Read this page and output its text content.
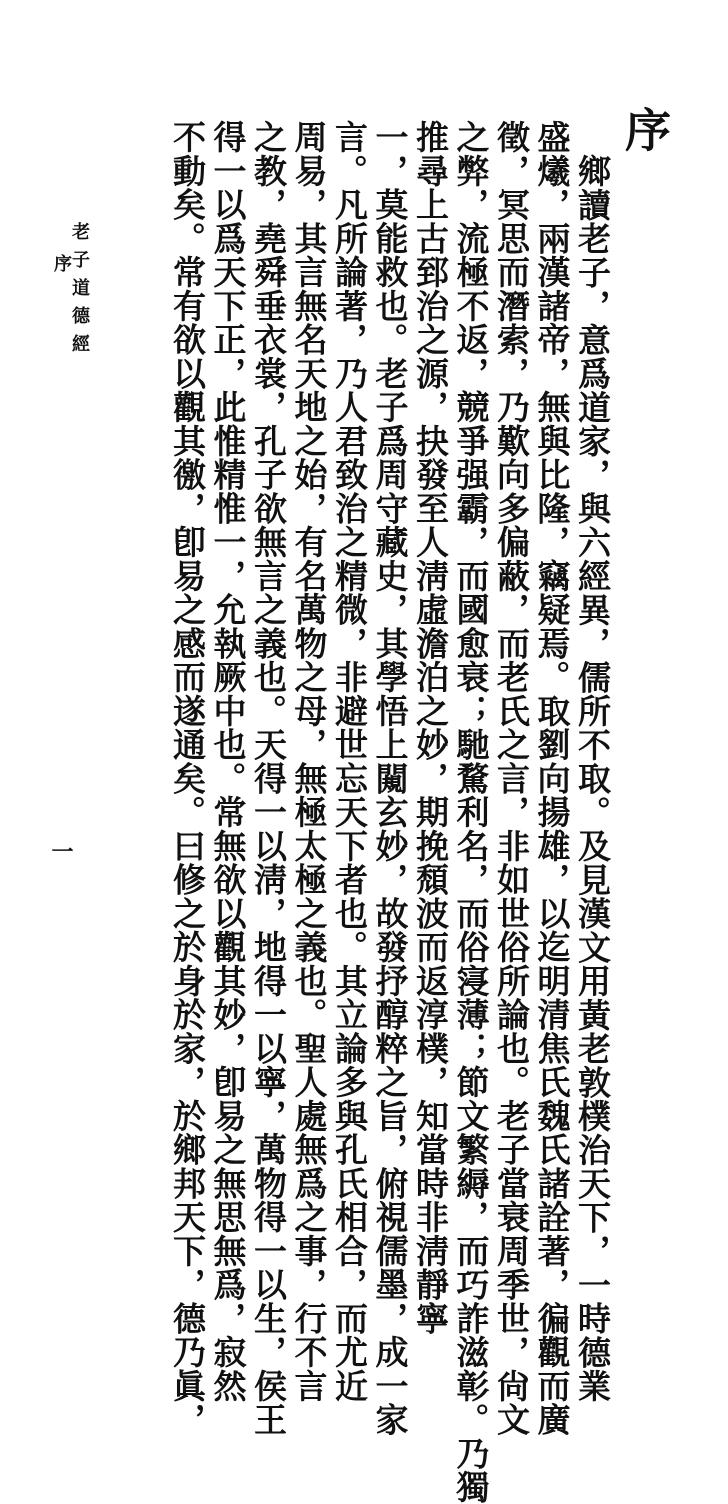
序
鄉讀老子，意爲道家，與六經異，儒所不取。及見漢文用黃老敦樸治天下，一時德業
盛爔，兩漢諸帝，無與比隆，竊疑焉。取劉向揚雄，以迄明清焦氏魏氏諸詮著，徧觀而廣
徵，冥思而潛索，乃歎向多偏蔽，而老氏之言，非如世俗所論也。老子當衰周季世，尙文
之弊，流極不返，競爭强霸，而國愈衰；馳騖利名，而俗寖薄；節文繁縟，而巧詐滋彰。乃獨
推尋上古郅治之源，抉發至人淸虛澹泊之妙，期挽頹波而返淳樸，知當時非淸靜寧
一，莫能救也。老子爲周守藏史，其學悟上闚玄妙，故發抒醇粹之旨，俯視儒墨，成一家
言。凡所論著，乃人君致治之精微，非避世忘天下者也。其立論多與孔氏相合，而尤近
周易，其言無名天地之始，有名萬物之母，無極太極之義也。聖人處無爲之事，行不言
之教，堯舜垂衣裳，孔子欲無言之義也。天得一以淸，地得一以寧，萬物得一以生，侯王
得一以爲天下正，此惟精惟一，允執厥中也。常無欲以觀其妙，卽易之無思無爲，寂然
不動矣。常有欲以觀其徼，卽易之感而遂通矣。曰修之於身於家，於鄉邦天下，德乃眞，
老子道德經
序
一
